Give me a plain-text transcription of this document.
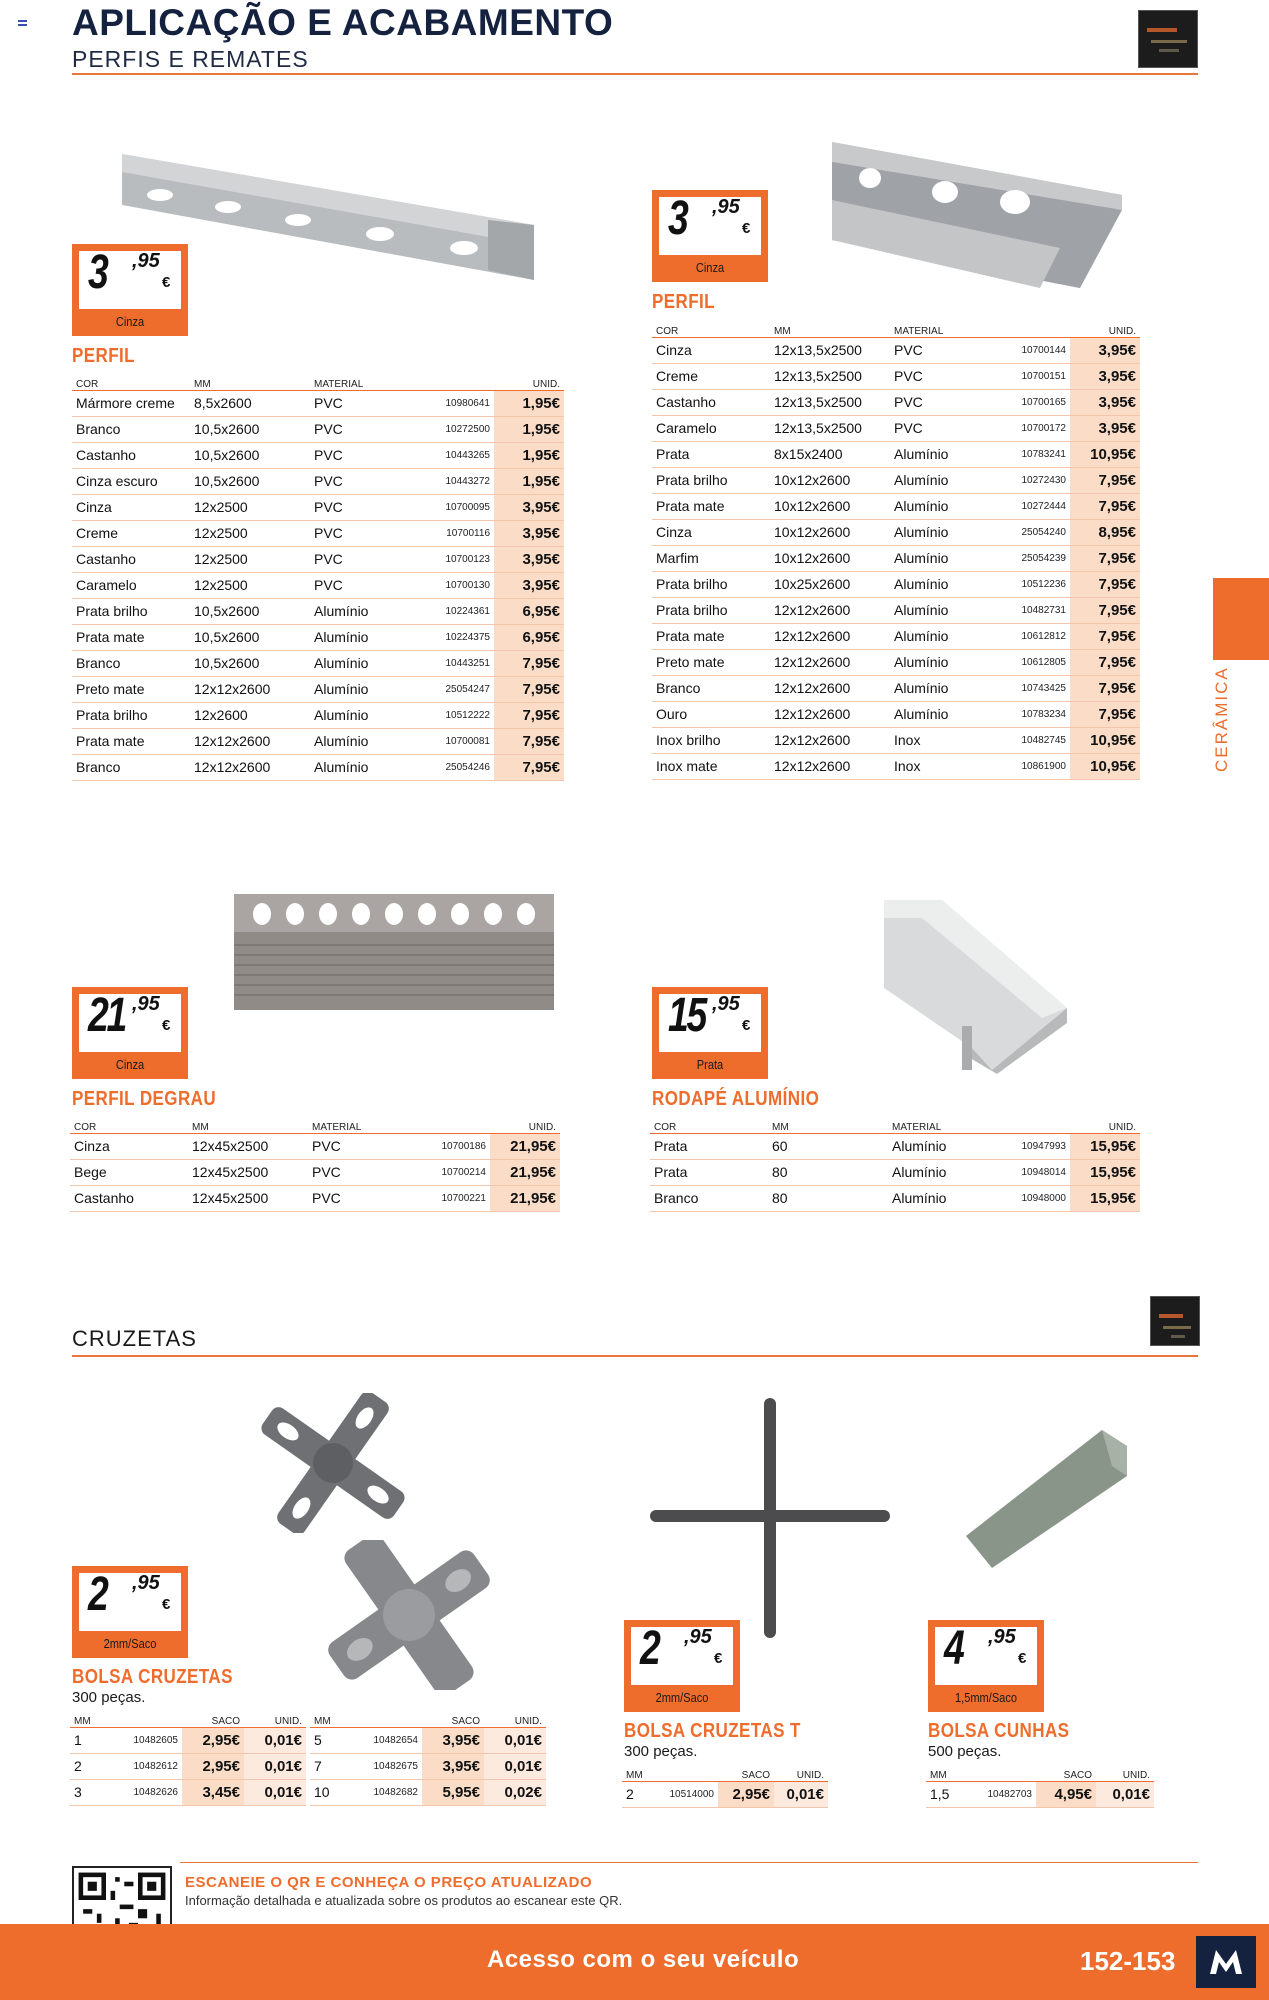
APLICAÇÃO E ACABAMENTO
PERFIS E REMATES
CERÂMICA
3 ,95
€
Cinza
PERFIL
COR	MM	MATERIAL		UNID.
Mármore creme	8,5x2600	PVC	10980641	1,95€
Branco	10,5x2600	PVC	10272500	1,95€
Castanho	10,5x2600	PVC	10443265	1,95€
Cinza escuro	10,5x2600	PVC	10443272	1,95€
Cinza	12x2500	PVC	10700095	3,95€
Creme	12x2500	PVC	10700116	3,95€
Castanho	12x2500	PVC	10700123	3,95€
Caramelo	12x2500	PVC	10700130	3,95€
Prata brilho	10,5x2600	Alumínio	10224361	6,95€
Prata mate	10,5x2600	Alumínio	10224375	6,95€
Branco	10,5x2600	Alumínio	10443251	7,95€
Preto mate	12x12x2600	Alumínio	25054247	7,95€
Prata brilho	12x2600	Alumínio	10512222	7,95€
Prata mate	12x12x2600	Alumínio	10700081	7,95€
Branco	12x12x2600	Alumínio	25054246	7,95€
3 ,95
€
Cinza
PERFIL
COR	MM	MATERIAL		UNID.
Cinza	12x13,5x2500	PVC	10700144	3,95€
Creme	12x13,5x2500	PVC	10700151	3,95€
Castanho	12x13,5x2500	PVC	10700165	3,95€
Caramelo	12x13,5x2500	PVC	10700172	3,95€
Prata	8x15x2400	Alumínio	10783241	10,95€
Prata brilho	10x12x2600	Alumínio	10272430	7,95€
Prata mate	10x12x2600	Alumínio	10272444	7,95€
Cinza	10x12x2600	Alumínio	25054240	8,95€
Marfim	10x12x2600	Alumínio	25054239	7,95€
Prata brilho	10x25x2600	Alumínio	10512236	7,95€
Prata brilho	12x12x2600	Alumínio	10482731	7,95€
Prata mate	12x12x2600	Alumínio	10612812	7,95€
Preto mate	12x12x2600	Alumínio	10612805	7,95€
Branco	12x12x2600	Alumínio	10743425	7,95€
Ouro	12x12x2600	Alumínio	10783234	7,95€
Inox brilho	12x12x2600	Inox	10482745	10,95€
Inox mate	12x12x2600	Inox	10861900	10,95€
21 ,95
€
Cinza
PERFIL DEGRAU
COR	MM	MATERIAL		UNID.
Cinza	12x45x2500	PVC	10700186	21,95€
Bege	12x45x2500	PVC	10700214	21,95€
Castanho	12x45x2500	PVC	10700221	21,95€
15 ,95
€
Prata
RODAPÉ ALUMÍNIO
COR	MM	MATERIAL		UNID.
Prata	60	Alumínio	10947993	15,95€
Prata	80	Alumínio	10948014	15,95€
Branco	80	Alumínio	10948000	15,95€
CRUZETAS
2 ,95
€
2mm/Saco
BOLSA CRUZETAS
300 peças.
MM		SACO	UNID.
1	10482605	2,95€	0,01€
2	10482612	2,95€	0,01€
3	10482626	3,45€	0,01€
MM		SACO	UNID.
5	10482654	3,95€	0,01€
7	10482675	3,95€	0,01€
10	10482682	5,95€	0,02€
2 ,95
€
2mm/Saco
BOLSA CRUZETAS T
300 peças.
MM		SACO	UNID.
2	10514000	2,95€	0,01€
4 ,95
€
1,5mm/Saco
BOLSA CUNHAS
500 peças.
MM		SACO	UNID.
1,5	10482703	4,95€	0,01€
ESCANEIE O QR E CONHEÇA O PREÇO ATUALIZADO
Informação detalhada e atualizada sobre os produtos ao escanear este QR.
Acesso com o seu veículo	152-153
